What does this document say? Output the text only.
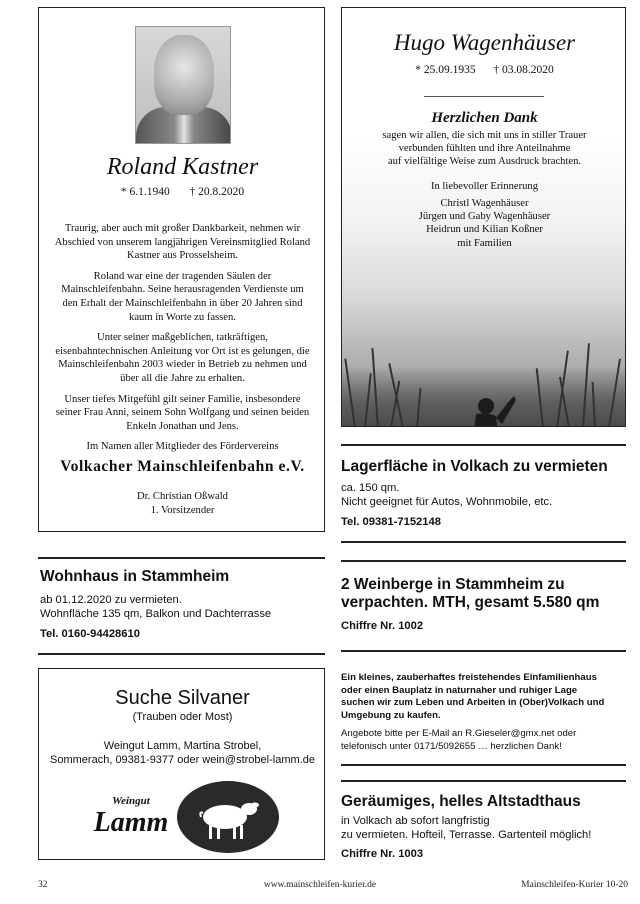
Roland Kastner
* 6.1.1940 † 20.8.2020

Traurig, aber auch mit großer Dankbarkeit, nehmen wir Abschied von unserem langjährigen Vereinsmitglied Roland Kastner aus Prosselsheim.

Roland war eine der tragenden Säulen der Mainschleifenbahn. Seine herausragenden Verdienste um den Erhalt der Mainschleifenbahn in über 20 Jahren sind kaum in Worte zu fassen.

Unter seiner maßgeblichen, tatkräftigen, eisenbahntechnischen Anleitung vor Ort ist es gelungen, die Mainschleifenbahn 2003 wieder in Betrieb zu nehmen und über all die Jahre zu erhalten.

Unser tiefes Mitgefühl gilt seiner Familie, insbesondere seiner Frau Anni, seinem Sohn Wolfgang und seinen beiden Enkeln Jonathan und Jens.

Im Namen aller Mitglieder des Fördervereins
Volkacher Mainschleifenbahn e.V.
Dr. Christian Oßwald
1. Vorsitzender
Hugo Wagenhäuser
* 25.09.1935 † 03.08.2020
Herzlichen Dank
sagen wir allen, die sich mit uns in stiller Trauer
verbunden fühlten und ihre Anteilnahme
auf vielfältige Weise zum Ausdruck brachten.
In liebevoller Erinnerung
Christl Wagenhäuser
Jürgen und Gaby Wagenhäuser
Heidrun und Kilian Koßner
mit Familien
Lagerfläche in Volkach zu vermieten
ca. 150 qm.
Nicht geeignet für Autos, Wohnmobile, etc.
Tel. 09381-7152148
Wohnhaus in Stammheim
ab 01.12.2020 zu vermieten.
Wohnfläche 135 qm, Balkon und Dachterrasse
Tel. 0160-94428610
2 Weinberge in Stammheim zu
verpachten. MTH, gesamt 5.580 qm
Chiffre Nr. 1002
Suche Silvaner
(Trauben oder Most)
Weingut Lamm, Martina Strobel,
Sommerach, 09381-9377 oder wein@strobel-lamm.de
Weingut
Lamm
Ein kleines, zauberhaftes freistehendes Einfamilienhaus
oder einen Bauplatz in naturnaher und ruhiger Lage
suchen wir zum Leben und Arbeiten in (Ober)Volkach und
Umgebung zu kaufen.
Angebote bitte per E-Mail an R.Gieseler@gmx.net oder
telefonisch unter 0171/5092655 … herzlichen Dank!
Geräumiges, helles Altstadthaus
in Volkach ab sofort langfristig
zu vermieten. Hofteil, Terrasse. Gartenteil möglich!
Chiffre Nr. 1003
32	www.mainschleifen-kurier.de	Mainschleifen-Kurier 10-20
